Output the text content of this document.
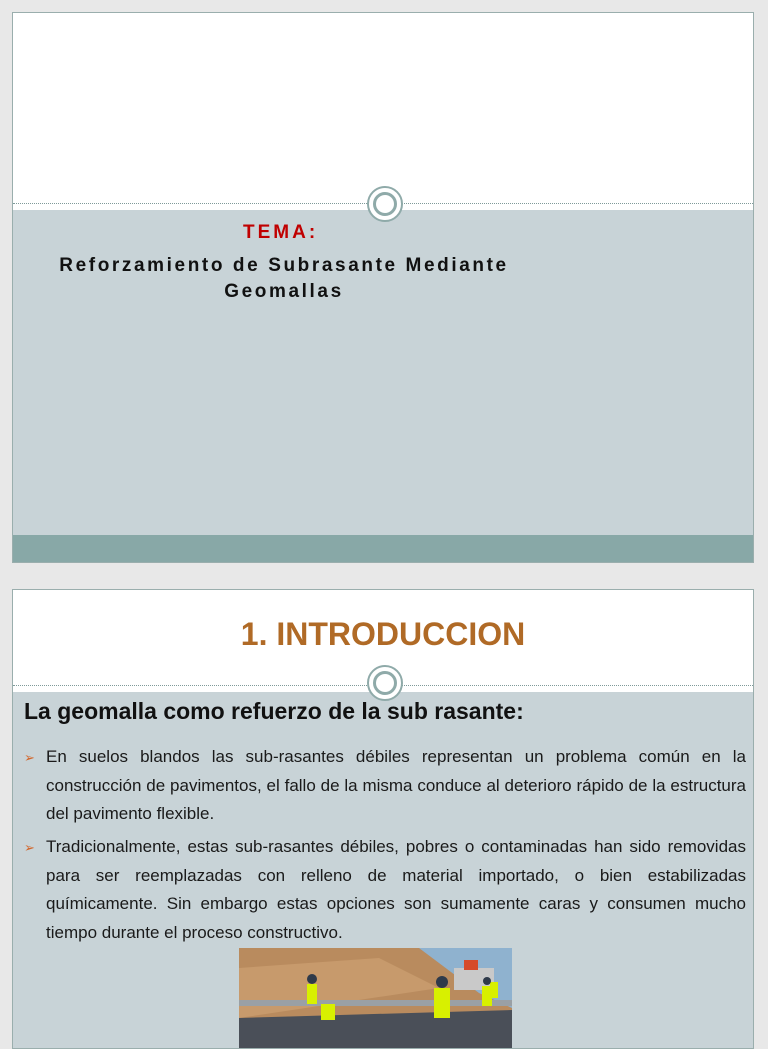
TEMA:
Reforzamiento de Subrasante Mediante
Geomallas
1. INTRODUCCION
La geomalla como refuerzo de la sub rasante:
➢ En suelos blandos las sub-rasantes débiles representan un problema común en la construcción de pavimentos, el fallo de la misma conduce al deterioro rápido de la estructura del pavimento flexible.
➢ Tradicionalmente, estas sub-rasantes débiles, pobres o contaminadas han sido removidas para ser reemplazadas con relleno de material importado, o bien estabilizadas químicamente. Sin embargo estas opciones son sumamente caras y consumen mucho tiempo durante el proceso constructivo.
